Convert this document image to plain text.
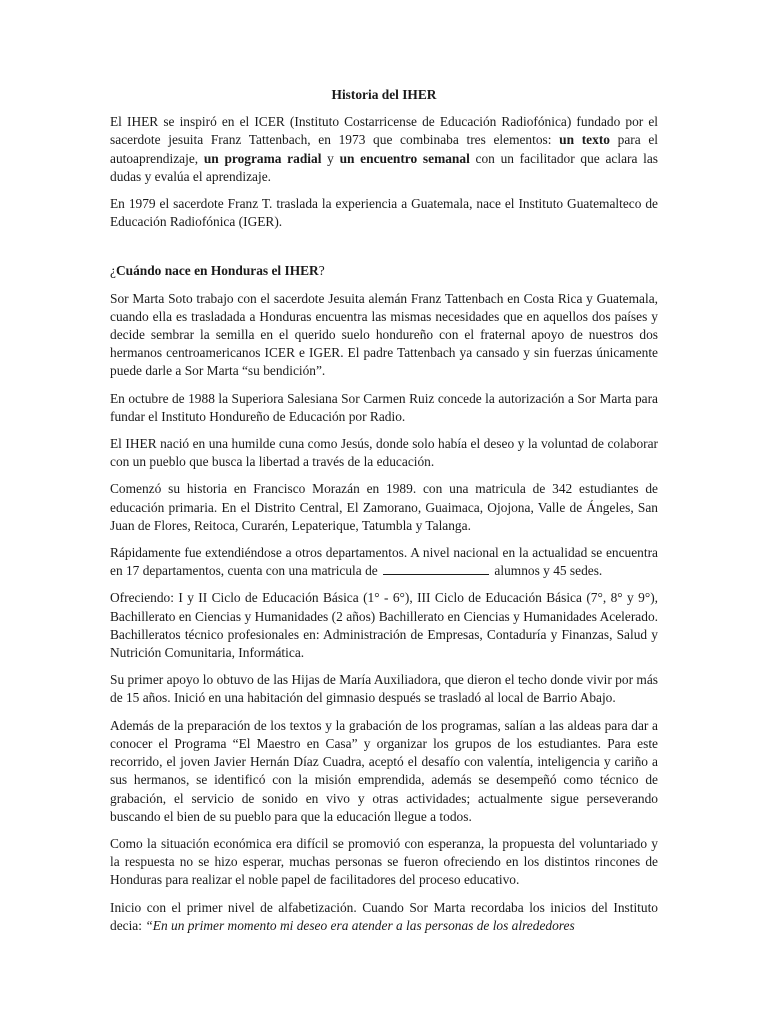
Historia del IHER

El IHER se inspiró en el ICER (Instituto Costarricense de Educación Radiofónica) fundado por el sacerdote jesuita Franz Tattenbach, en 1973 que combinaba tres elementos: un texto para el autoaprendizaje, un programa radial y un encuentro semanal con un facilitador que aclara las dudas y evalúa el aprendizaje.

En 1979 el sacerdote Franz T. traslada la experiencia a Guatemala, nace el Instituto Guatemalteco de Educación Radiofónica (IGER).

¿Cuándo nace en Honduras el IHER?

Sor Marta Soto trabajo con el sacerdote Jesuita alemán Franz Tattenbach en Costa Rica y Guatemala, cuando ella es trasladada a Honduras encuentra las mismas necesidades que en aquellos dos países y decide sembrar la semilla en el querido suelo hondureño con el fraternal apoyo de nuestros dos hermanos centroamericanos ICER e IGER. El padre Tattenbach ya cansado y sin fuerzas únicamente puede darle a Sor Marta “su bendición”.

En octubre de 1988 la Superiora Salesiana Sor Carmen Ruiz concede la autorización a Sor Marta para fundar el Instituto Hondureño de Educación por Radio.

El IHER nació en una humilde cuna como Jesús, donde solo había el deseo y la voluntad de colaborar con un pueblo que busca la libertad a través de la educación.

Comenzó su historia en Francisco Morazán en 1989. con una matricula de 342 estudiantes de educación primaria. En el Distrito Central, El Zamorano, Guaimaca, Ojojona, Valle de Ángeles, San Juan de Flores, Reitoca, Curarén, Lepaterique, Tatumbla y Talanga.

Rápidamente fue extendiéndose a otros departamentos. A nivel nacional en la actualidad se encuentra en 17 departamentos, cuenta con una matricula de	alumnos y 45 sedes.

Ofreciendo: I y II Ciclo de Educación Básica (1° - 6°), III Ciclo de Educación Básica (7°, 8° y 9°), Bachillerato en Ciencias y Humanidades (2 años) Bachillerato en Ciencias y Humanidades Acelerado. Bachilleratos técnico profesionales en: Administración de Empresas, Contaduría y Finanzas, Salud y Nutrición Comunitaria, Informática.

Su primer apoyo lo obtuvo de las Hijas de María Auxiliadora, que dieron el techo donde vivir por más de 15 años. Inició en una habitación del gimnasio después se trasladó al local de Barrio Abajo.

Además de la preparación de los textos y la grabación de los programas, salían a las aldeas para dar a conocer el Programa “El Maestro en Casa” y organizar los grupos de los estudiantes. Para este recorrido, el joven Javier Hernán Díaz Cuadra, aceptó el desafío con valentía, inteligencia y cariño a sus hermanos, se identificó con la misión emprendida, además se desempeñó como técnico de grabación, el servicio de sonido en vivo y otras actividades; actualmente sigue perseverando buscando el bien de su pueblo para que la educación llegue a todos.

Como la situación económica era difícil se promovió con esperanza, la propuesta del voluntariado y la respuesta no se hizo esperar, muchas personas se fueron ofreciendo en los distintos rincones de Honduras para realizar el noble papel de facilitadores del proceso educativo.

Inicio con el primer nivel de alfabetización. Cuando Sor Marta recordaba los inicios del Instituto decia: “En un primer momento mi deseo era atender a las personas de los alrededores
